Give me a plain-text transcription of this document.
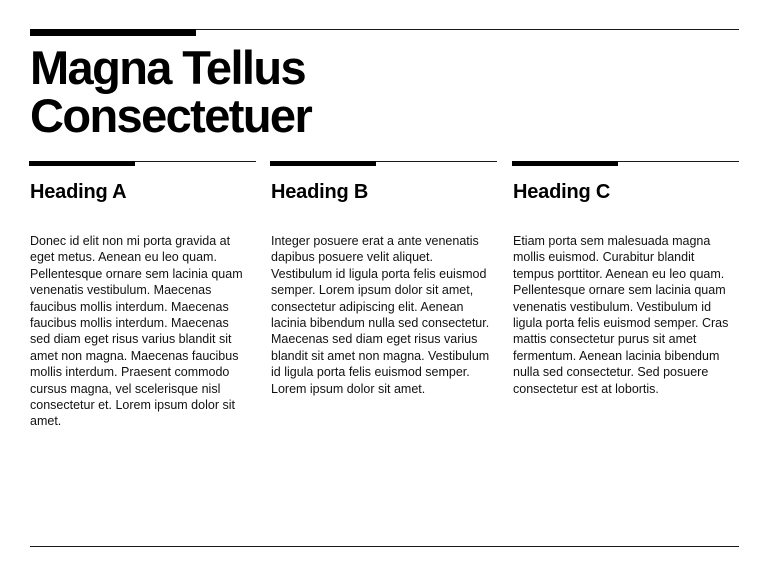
Magna Tellus
Consectetuer
Heading A

Donec id elit non mi porta gravida at eget metus. Aenean eu leo quam. Pellentesque ornare sem lacinia quam venenatis vestibulum. Maecenas faucibus mollis interdum. Maecenas faucibus mollis interdum. Maecenas sed diam eget risus varius blandit sit amet non magna. Maecenas faucibus mollis interdum. Praesent commodo cursus magna, vel scelerisque nisl consectetur et. Lorem ipsum dolor sit amet.

Heading B

Integer posuere erat a ante venenatis dapibus posuere velit aliquet. Vestibulum id ligula porta felis euismod semper. Lorem ipsum dolor sit amet, consectetur adipiscing elit. Aenean lacinia bibendum nulla sed consectetur. Maecenas sed diam eget risus varius blandit sit amet non magna. Vestibulum id ligula porta felis euismod semper. Lorem ipsum dolor sit amet.

Heading C

Etiam porta sem malesuada magna mollis euismod. Curabitur blandit tempus porttitor. Aenean eu leo quam. Pellentesque ornare sem lacinia quam venenatis vestibulum. Vestibulum id ligula porta felis euismod semper. Cras mattis consectetur purus sit amet fermentum. Aenean lacinia bibendum nulla sed consectetur. Sed posuere consectetur est at lobortis.
